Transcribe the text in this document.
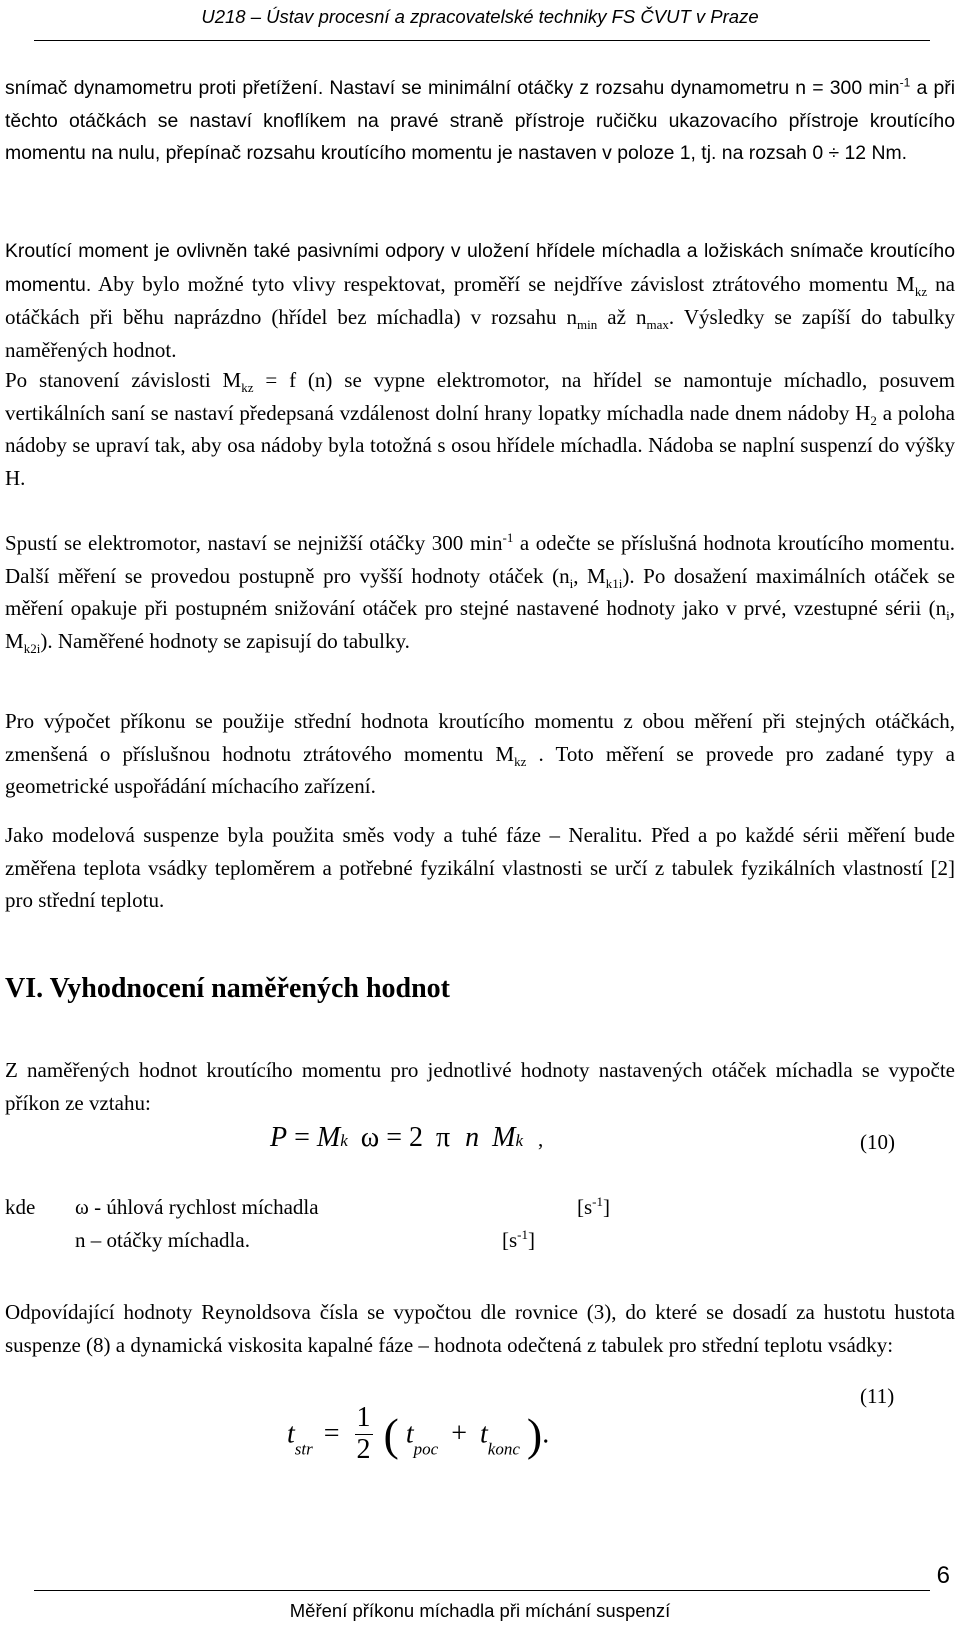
U218 – Ústav procesní a zpracovatelské techniky FS ČVUT v Praze

snímač dynamometru proti přetížení. Nastaví se minimální otáčky z rozsahu dynamometru n = 300 $\min^{-1} a$ při těchto otáčkách se nastaví knoflíkem na pravé straně přístroje ručičku ukazovacího přístroje kroutícího momentu na nulu, přepínač rozsahu kroutícího momentu je nastaven v poloze 1, tj. na rozsah 0 ÷ 12 Nm.

Kroutící moment je ovlivněn také pasivními odpory v uložení hřídele míchadla a ložiskách snímače kroutícího momentu. Aby bylo možné tyto vlivy respektovat, proměří se nejdříve závislost ztrátového momentu $M_{kz}$ na otáčkách při běhu naprázdno (hřídel bez míchadla) v rozsahu $n_{min}$ až $n_{max}$. Výsledky se zapíší do tabulky naměřených hodnot.

Po stanovení závislosti $M_{kz} = f$ (n) se vypne elektromotor, na hřídel se namontuje míchadlo, posuvem vertikálních saní se nastaví předepsaná vzdálenost dolní hrany lopatky míchadla nade dnem nádoby $H_2$ a poloha nádoby se upraví tak, aby osa nádoby byla totožná s osou hřídele míchadla. Nádoba se naplní suspenzí do výšky H.

Spustí se elektromotor, nastaví se nejnižší otáčky 300 $\min^{-1} a$ odečte se příslušná hodnota kroutícího momentu. Další měření se provedou postupně pro vyšší hodnoty otáček ($n_i$, $M_{k1i}$). Po dosažení maximálních otáček se měření opakuje při postupném snižování otáček pro stejné nastavené hodnoty jako v prvé, vzestupné sérii ($n_i$, $M_{k2i}$). Naměřené hodnoty se zapisují do tabulky.

Pro výpočet příkonu se použije střední hodnota kroutícího momentu z obou měření při stejných otáčkách, zmenšená o příslušnou hodnotu ztrátového momentu $M_{kz}$ . Toto měření se provede pro zadané typy a geometrické uspořádání míchacího zařízení.

Jako modelová suspenze byla použita směs vody a tuhé fáze – Neralitu. Před a po každé sérii měření bude změřena teplota vsádky teploměrem a potřebné fyzikální vlastnosti se určí z tabulek fyzikálních vlastností [2] pro střední teplotu.

VI. Vyhodnocení naměřených hodnot

Z naměřených hodnot kroutícího momentu pro jednotlivé hodnoty nastavených otáček míchadla se vypočte příkon ze vztahu:

P = Mk ω = 2 π n Mk ,	(10)
kde ω - úhlová rychlost míchadla	$[s^{-1}]$
n – otáčky míchadla.	$[s^{-1}]$

Odpovídající hodnoty Reynoldsova čísla se vypočtou dle rovnice (3), do které se dosadí za hustotu hustota suspenze (8) a dynamická viskosita kapalné fáze – hodnota odečtená z tabulek pro střední teplotu vsádky:

$t_{str} = \frac{1}{2}$ ( $t_{poc} + t_{konc}$ ).
(11)
6
Měření příkonu míchadla při míchání suspenzí
